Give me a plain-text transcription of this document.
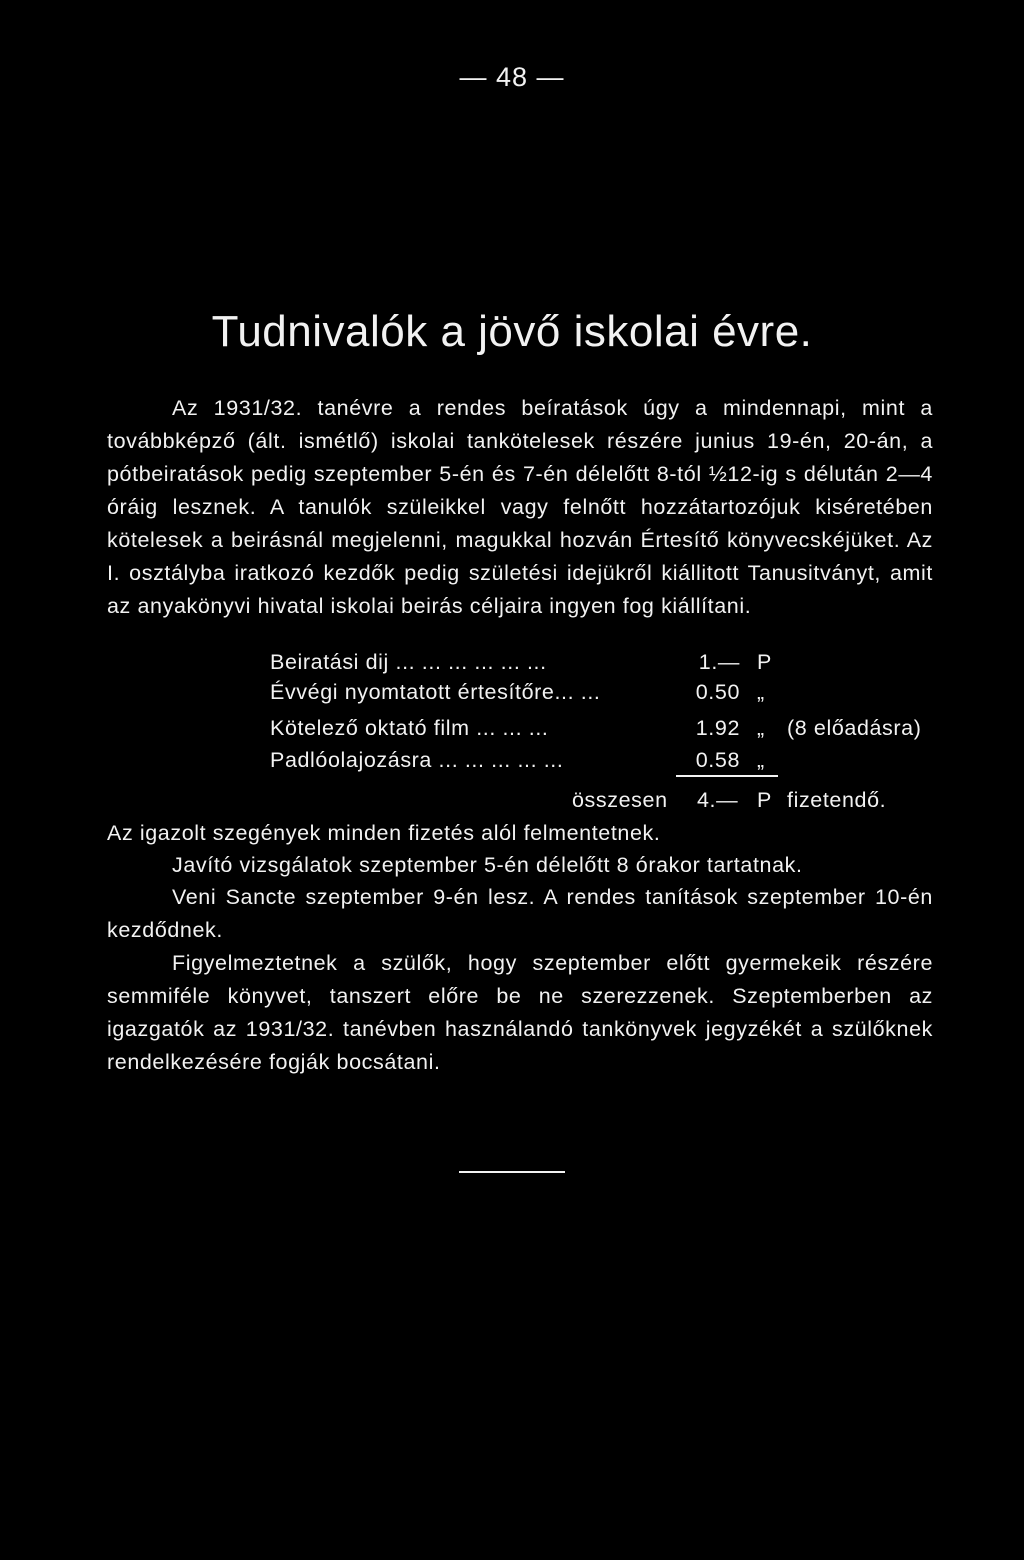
— 48 —
Tudnivalók a jövő iskolai évre.

Az 1931/32. tanévre a rendes beíratások úgy a mindennapi, mint a továbbképző (ált. ismétlő) iskolai tankötelesek részére junius 19-én, 20-án, a pótbeiratások pedig szeptember 5-én és 7-én délelőtt 8-tól ½12-ig s délután 2—4 óráig lesznek. A tanulók szüleikkel vagy felnőtt hozzátartozójuk kiséretében kötelesek a beirásnál megjelenni, magukkal hozván Értesítő könyvecskéjüket. Az I. osztályba iratkozó kezdők pedig születési idejükről kiállitott Tanusitványt, amit az anyakönyvi hivatal iskolai beirás céljaira ingyen fog kiállítani.

Beiratási dij ... ... ... ... ... ...	1.— P
Évvégi nyomtatott értesítőre... ...	0.50 „
Kötelező oktató film ... ... ...	1.92 „ (8 előadásra)
Padlóolajozásra ... ... ... ... ...	0.58 „
összesen 4.— P fizetendő.

Az igazolt szegények minden fizetés alól felmentetnek.

Javító vizsgálatok szeptember 5-én délelőtt 8 órakor tartatnak.

Veni Sancte szeptember 9-én lesz. A rendes tanítások szeptember 10-én kezdődnek.

Figyelmeztetnek a szülők, hogy szeptember előtt gyermekeik részére semmiféle könyvet, tanszert előre be ne szerezzenek. Szeptemberben az igazgatók az 1931/32. tanévben használandó tankönyvek jegyzékét a szülőknek rendelkezésére fogják bocsátani.
